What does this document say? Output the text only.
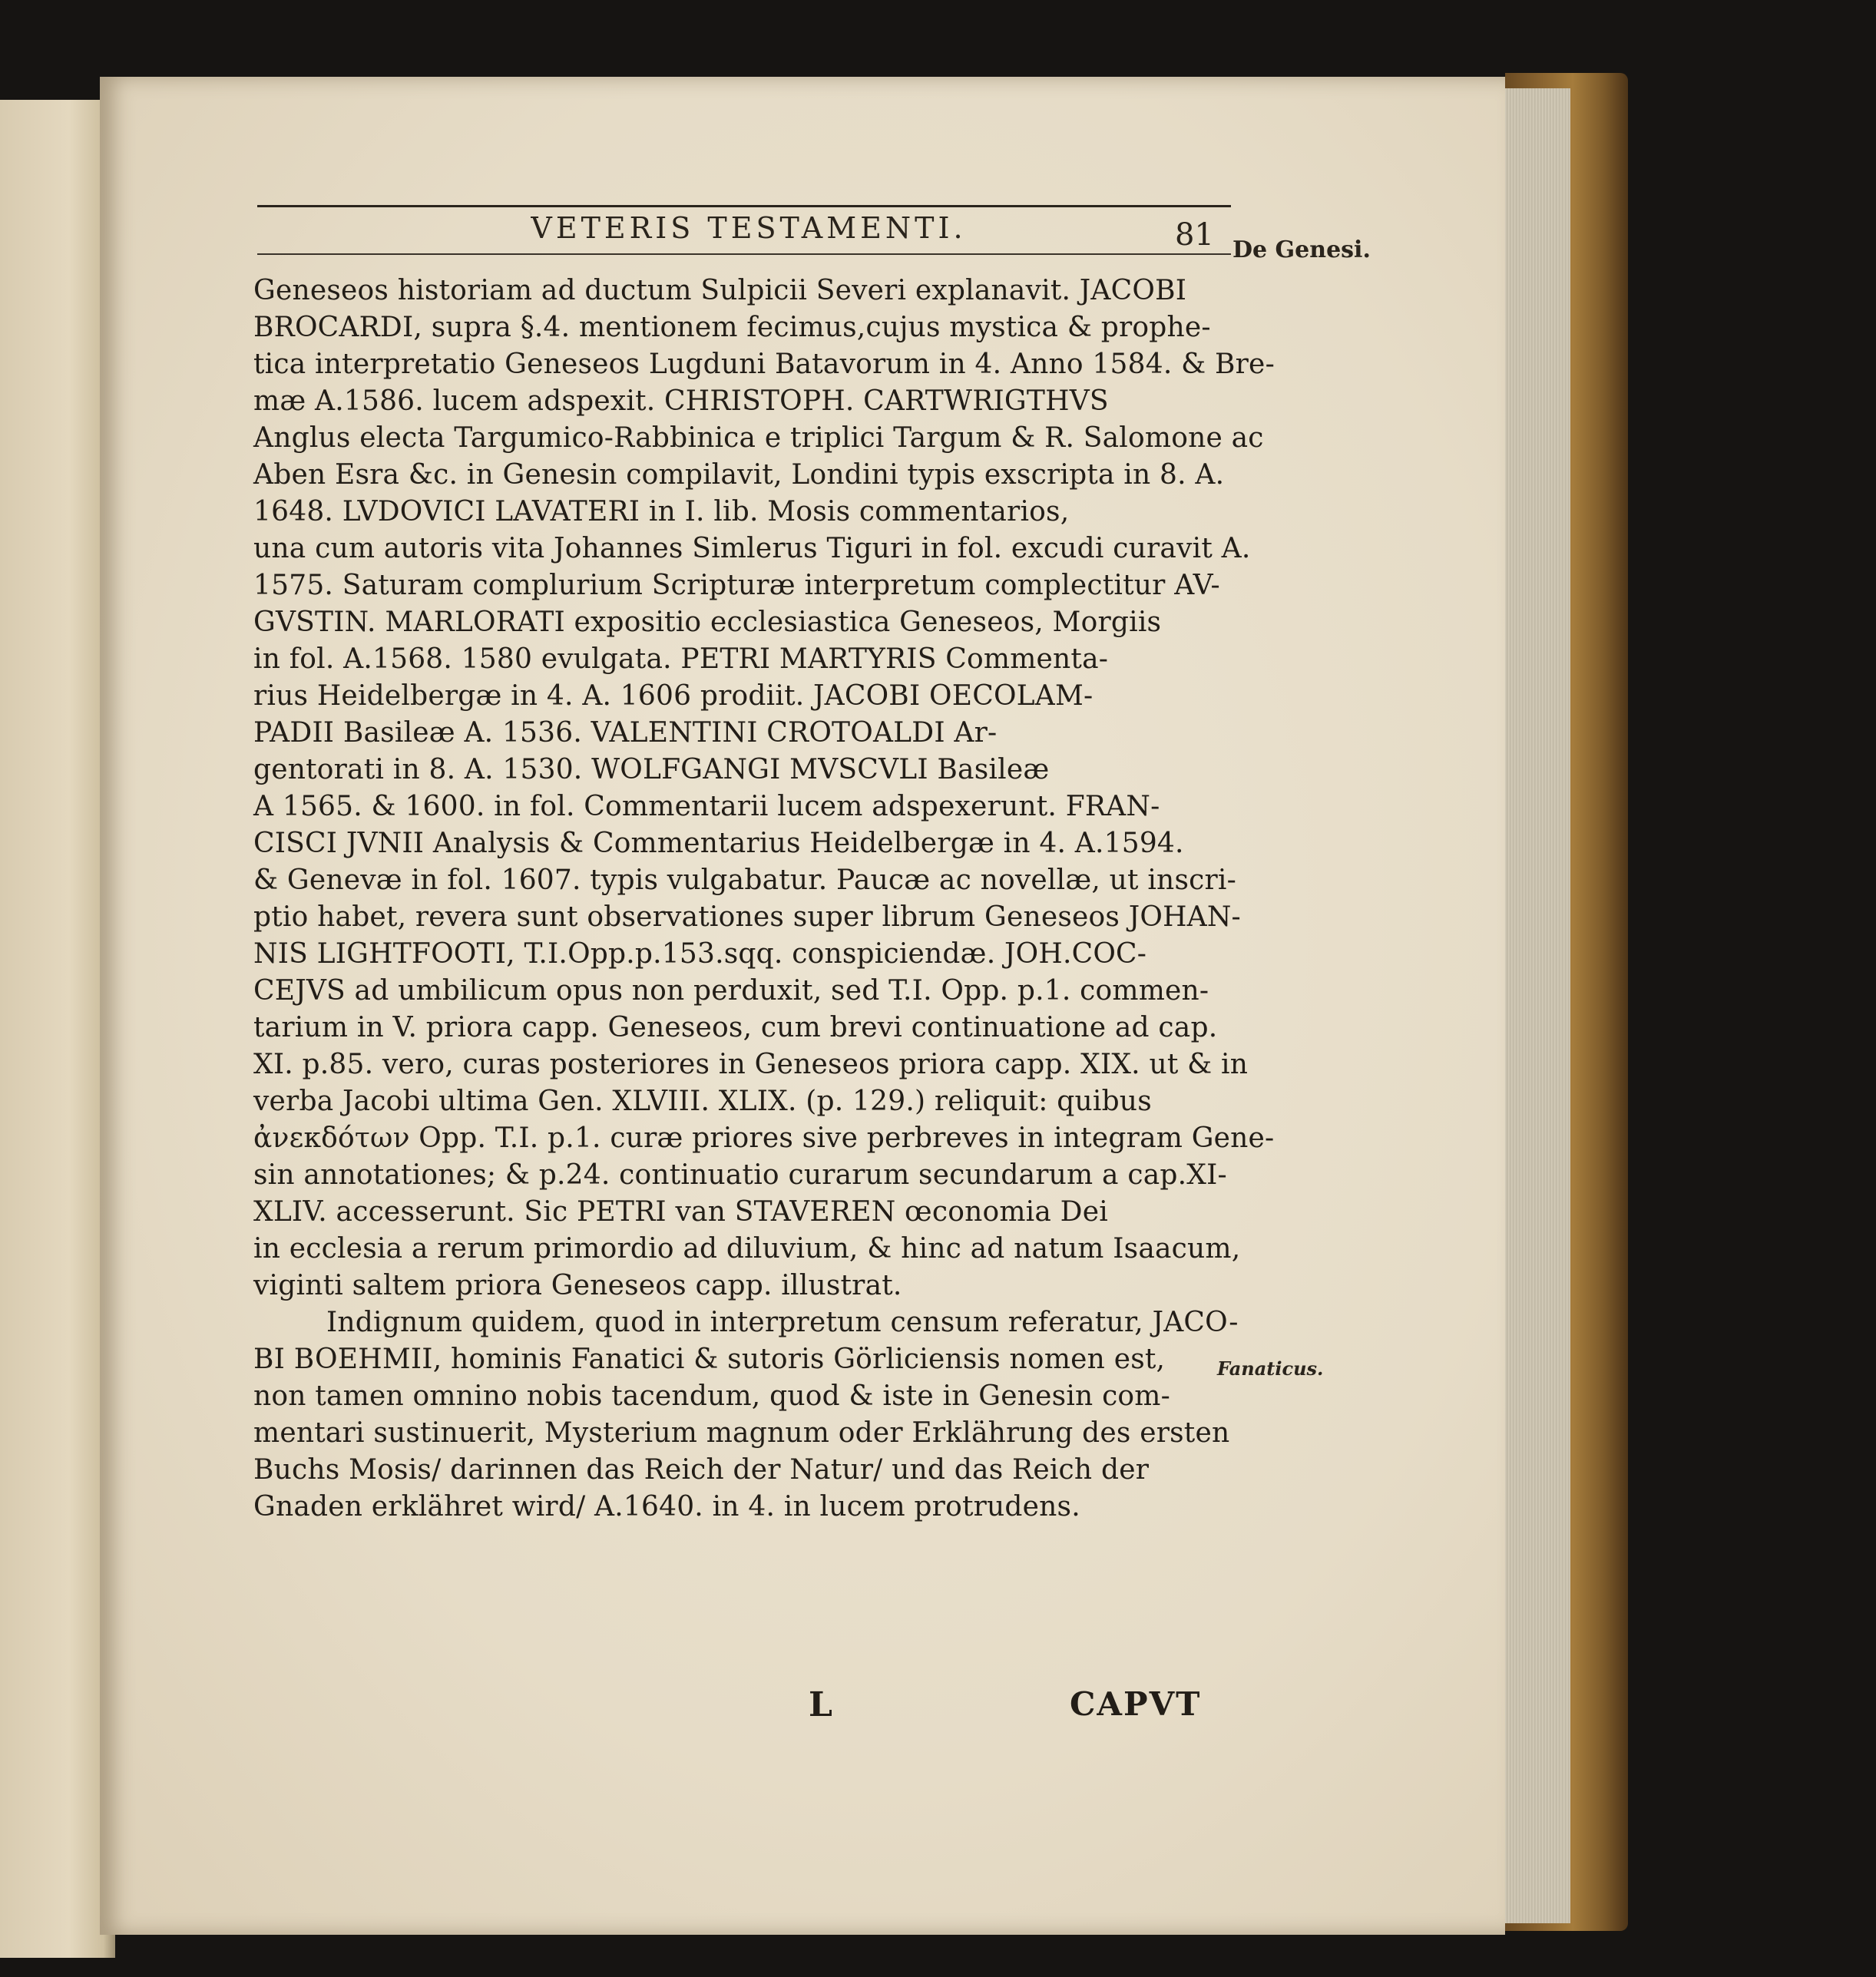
VETERIS TESTAMENTI.	81 De Genesi.
Fanaticus.
Geneseos historiam ad ductum Sulpicii Severi explanavit. JACOBI
BROCARDI, supra §.4. mentionem fecimus,cujus mystica & prophe-
tica interpretatio Geneseos Lugduni Batavorum in 4. Anno 1584. & Bre-
mæ A.1586. lucem adspexit. CHRISTOPH. CARTWRIGTHVS
Anglus electa Targumico-Rabbinica e triplici Targum & R. Salomone ac
Aben Esra &c. in Genesin compilavit, Londini typis exscripta in 8. A.
1648. LVDOVICI LAVATERI in I. lib. Mosis commentarios,
una cum autoris vita Johannes Simlerus Tiguri in fol. excudi curavit A.
1575. Saturam complurium Scripturæ interpretum complectitur AV-
GVSTIN. MARLORATI expositio ecclesiastica Geneseos, Morgiis
in fol. A.1568. 1580 evulgata. PETRI MARTYRIS Commenta-
rius Heidelbergæ in 4. A. 1606 prodiit. JACOBI OECOLAM-
PADII Basileæ A. 1536. VALENTINI CROTOALDI Ar-
gentorati in 8. A. 1530. WOLFGANGI MVSCVLI Basileæ
A 1565. & 1600. in fol. Commentarii lucem adspexerunt. FRAN-
CISCI JVNII Analysis & Commentarius Heidelbergæ in 4. A.1594.
& Genevæ in fol. 1607. typis vulgabatur. Paucæ ac novellæ, ut inscri-
ptio habet, revera sunt observationes super librum Geneseos JOHAN-
NIS LIGHTFOOTI, T.I.Opp.p.153.sqq. conspiciendæ. JOH.COC-
CEJVS ad umbilicum opus non perduxit, sed T.I. Opp. p.1. commen-
tarium in V. priora capp. Geneseos, cum brevi continuatione ad cap.
XI. p.85. vero, curas posteriores in Geneseos priora capp. XIX. ut & in
verba Jacobi ultima Gen. XLVIII. XLIX. (p. 129.) reliquit: quibus
ἀνεκδότων Opp. T.I. p.1. curæ priores sive perbreves in integram Gene-
sin annotationes; & p.24. continuatio curarum secundarum a cap.XI-
XLIV. accesserunt. Sic PETRI van STAVEREN œconomia Dei
in ecclesia a rerum primordio ad diluvium, & hinc ad natum Isaacum,
viginti saltem priora Geneseos capp. illustrat.
Indignum quidem, quod in interpretum censum referatur, JACO-
BI BOEHMII, hominis Fanatici & sutoris Görliciensis nomen est,
non tamen omnino nobis tacendum, quod & iste in Genesin com-
mentari sustinuerit, Mysterium magnum oder Erklährung des ersten
Buchs Mosis/ darinnen das Reich der Natur/ und das Reich der
Gnaden erklähret wird/ A.1640. in 4. in lucem protrudens.
L	CAPVT
